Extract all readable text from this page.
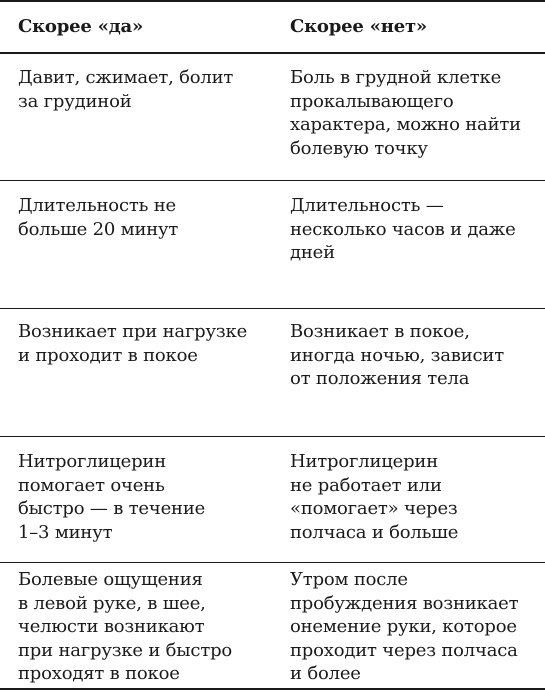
Скорее «да»	Скорее «нет»
Давит, сжимает, болит
за грудиной
Боль в грудной клетке
прокалывающего
характера, можно найти
болевую точку
Длительность не
больше 20 минут
Длительность —
несколько часов и даже
дней
Возникает при нагрузке
и проходит в покое
Возникает в покое,
иногда ночью, зависит
от положения тела
Нитроглицерин
помогает очень
быстро — в течение
1–3 минут
Нитроглицерин
не работает или
«помогает» через
полчаса и больше
Болевые ощущения
в левой руке, в шее,
челюсти возникают
при нагрузке и быстро
проходят в покое
Утром после
пробуждения возникает
онемение руки, которое
проходит через полчаса
и более
